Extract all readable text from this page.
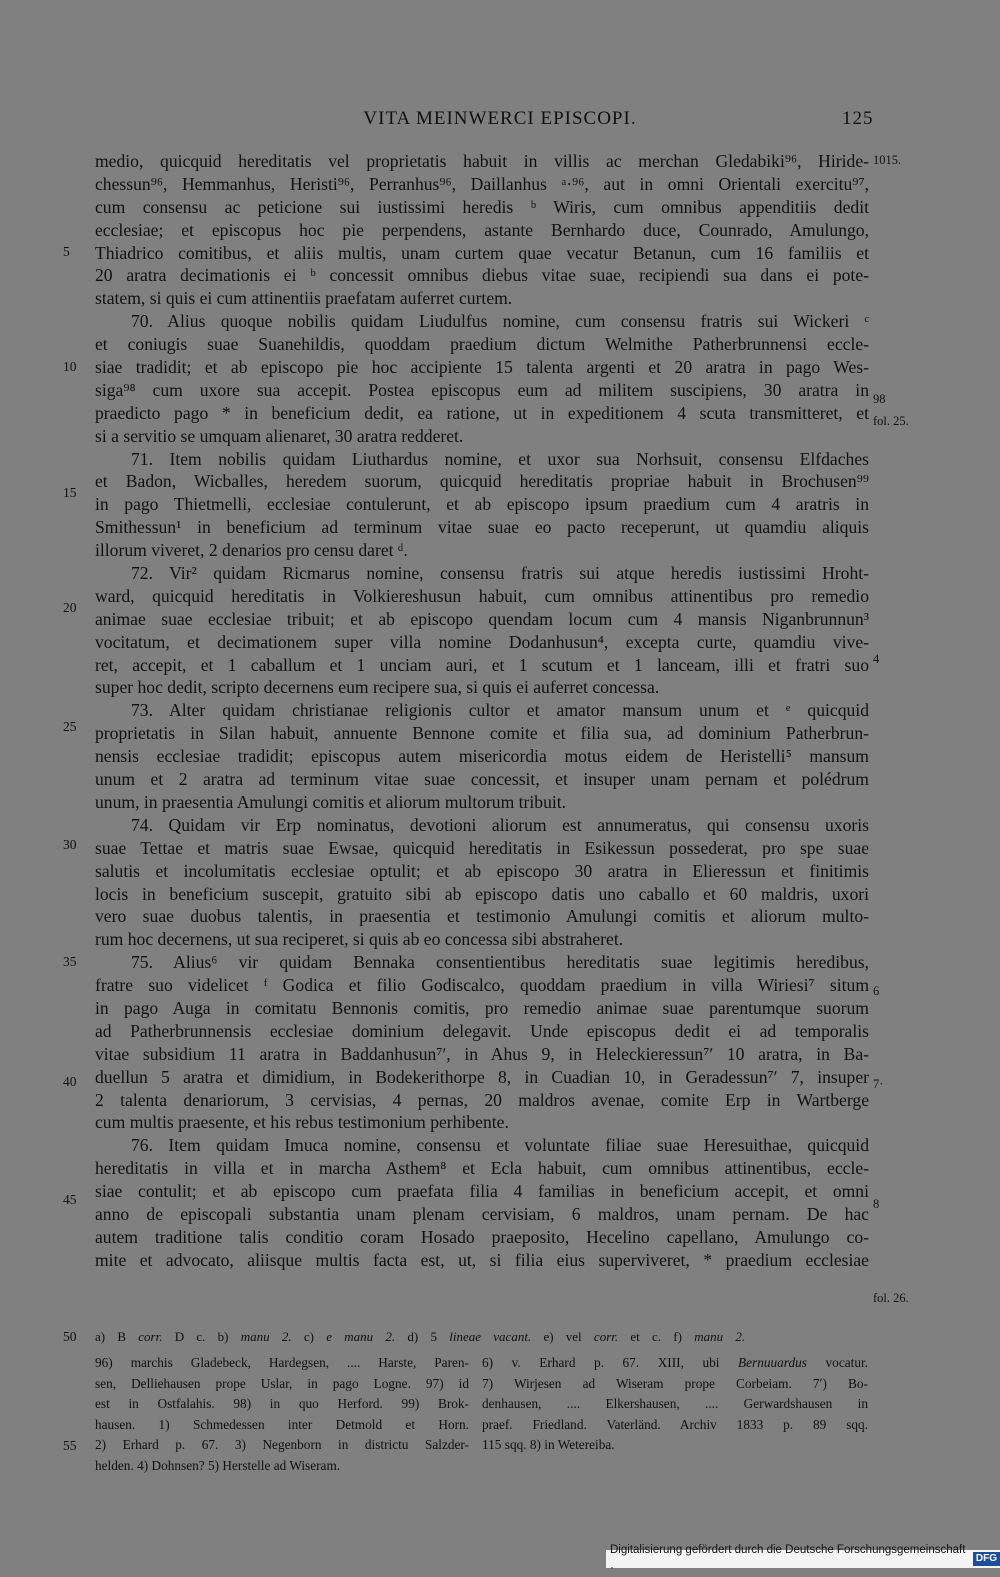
VITA MEINWERCI EPISCOPI.	125
medio, quicquid hereditatis vel proprietatis habuit in villis ac merchan Gledabiki⁹⁶, Hiride-
chessun⁹⁶, Hemmanhus, Heristi⁹⁶, Perranhus⁹⁶, Daillanhus ᵃ·⁹⁶, aut in omni Orientali exercitu⁹⁷,
cum consensu ac peticione sui iustissimi heredis ᵇ Wiris, cum omnibus appenditiis dedit
ecclesiae; et episcopus hoc pie perpendens, astante Bernhardo duce, Counrado, Amulungo,
Thiadrico comitibus, et aliis multis, unam curtem quae vecatur Betanun, cum 16 familiis et
20 aratra decimationis ei ᵇ concessit omnibus diebus vitae suae, recipiendi sua dans ei pote-
statem, si quis ei cum attinentiis praefatam auferret curtem.
70. Alius quoque nobilis quidam Liudulfus nomine, cum consensu fratris sui Wickeri ᶜ
et coniugis suae Suanehildis, quoddam praedium dictum Welmithe Patherbrunnensi eccle-
siae tradidit; et ab episcopo pie hoc accipiente 15 talenta argenti et 20 aratra in pago Wes-
siga⁹⁸ cum uxore sua accepit. Postea episcopus eum ad militem suscipiens, 30 aratra in
praedicto pago * in beneficium dedit, ea ratione, ut in expeditionem 4 scuta transmitteret, et
si a servitio se umquam alienaret, 30 aratra redderet.
71. Item nobilis quidam Liuthardus nomine, et uxor sua Norhsuit, consensu Elfdaches
et Badon, Wicballes, heredem suorum, quicquid hereditatis propriae habuit in Brochusen⁹⁹
in pago Thietmelli, ecclesiae contulerunt, et ab episcopo ipsum praedium cum 4 aratris in
Smithessun¹ in beneficium ad terminum vitae suae eo pacto receperunt, ut quamdiu aliquis
illorum viveret, 2 denarios pro censu daret ᵈ.
72. Vir² quidam Ricmarus nomine, consensu fratris sui atque heredis iustissimi Hroht-
ward, quicquid hereditatis in Volkiereshusun habuit, cum omnibus attinentibus pro remedio
animae suae ecclesiae tribuit; et ab episcopo quendam locum cum 4 mansis Niganbrunnun³
vocitatum, et decimationem super villa nomine Dodanhusun⁴, excepta curte, quamdiu vive-
ret, accepit, et 1 caballum et 1 unciam auri, et 1 scutum et 1 lanceam, illi et fratri suo
super hoc dedit, scripto decernens eum recipere sua, si quis ei auferret concessa.
73. Alter quidam christianae religionis cultor et amator mansum unum et ᵉ quicquid
proprietatis in Silan habuit, annuente Bennone comite et filia sua, ad dominium Patherbrun-
nensis ecclesiae tradidit; episcopus autem misericordia motus eidem de Heristelli⁵ mansum
unum et 2 aratra ad terminum vitae suae concessit, et insuper unam pernam et polédrum
unum, in praesentia Amulungi comitis et aliorum multorum tribuit.
74. Quidam vir Erp nominatus, devotioni aliorum est annumeratus, qui consensu uxoris
suae Tettae et matris suae Ewsae, quicquid hereditatis in Esikessun possederat, pro spe suae
salutis et incolumitatis ecclesiae optulit; et ab episcopo 30 aratra in Elieressun et finitimis
locis in beneficium suscepit, gratuito sibi ab episcopo datis uno caballo et 60 maldris, uxori
vero suae duobus talentis, in praesentia et testimonio Amulungi comitis et aliorum multo-
rum hoc decernens, ut sua reciperet, si quis ab eo concessa sibi abstraheret.
75. Alius⁶ vir quidam Bennaka consentientibus hereditatis suae legitimis heredibus,
fratre suo videlicet ᶠ Godica et filio Godiscalco, quoddam praedium in villa Wiriesi⁷ situm
in pago Auga in comitatu Bennonis comitis, pro remedio animae suae parentumque suorum
ad Patherbrunnensis ecclesiae dominium delegavit. Unde episcopus dedit ei ad temporalis
vitae subsidium 11 aratra in Baddanhusun⁷ʹ, in Ahus 9, in Heleckieressun⁷ʹ 10 aratra, in Ba-
duellun 5 aratra et dimidium, in Bodekerithorpe 8, in Cuadian 10, in Geradessun⁷ʹ 7, insuper
2 talenta denariorum, 3 cervisias, 4 pernas, 20 maldros avenae, comite Erp in Wartberge
cum multis praesente, et his rebus testimonium perhibente.
76. Item quidam Imuca nomine, consensu et voluntate filiae suae Heresuithae, quicquid
hereditatis in villa et in marcha Asthem⁸ et Ecla habuit, cum omnibus attinentibus, eccle-
siae contulit; et ab episcopo cum praefata filia 4 familias in beneficium accepit, et omni
anno de episcopali substantia unam plenam cervisiam, 6 maldros, unam pernam. De hac
autem traditione talis conditio coram Hosado praeposito, Hecelino capellano, Amulungo co-
mite et advocato, aliisque multis facta est, ut, si filia eius superviveret, * praedium ecclesiae
5
10
15
20
25
30
35
40
45
50
55
1015.
98
fol. 25.
4
6
7·
8
fol. 26.
a) B corr. D c. b) manu 2. c) e manu 2. d) 5 lineae vacant. e) vel corr. et c. f) manu 2.
96) marchis Gladebeck, Hardegsen, .... Harste, Paren-
sen, Delliehausen prope Uslar, in pago Logne. 97) id
est in Ostfalahis. 98) in quo Herford. 99) Brok-
hausen. 1) Schmedessen inter Detmold et Horn.
2) Erhard p. 67. 3) Negenborn in districtu Salzder-
helden. 4) Dohnsen? 5) Herstelle ad Wiseram.
6) v. Erhard p. 67. XIII, ubi Bernuuardus vocatur.
7) Wirjesen ad Wiseram prope Corbeiam. 7ʹ) Bo-
denhausen, .... Elkershausen, .... Gerwardshausen in
praef. Friedland. Vaterländ. Archiv 1833 p. 89 sqq.
115 sqq. 8) in Wetereiba.
Digitalisierung gefördert durch die Deutsche Forschungsgemeinschaft ·
DFG
